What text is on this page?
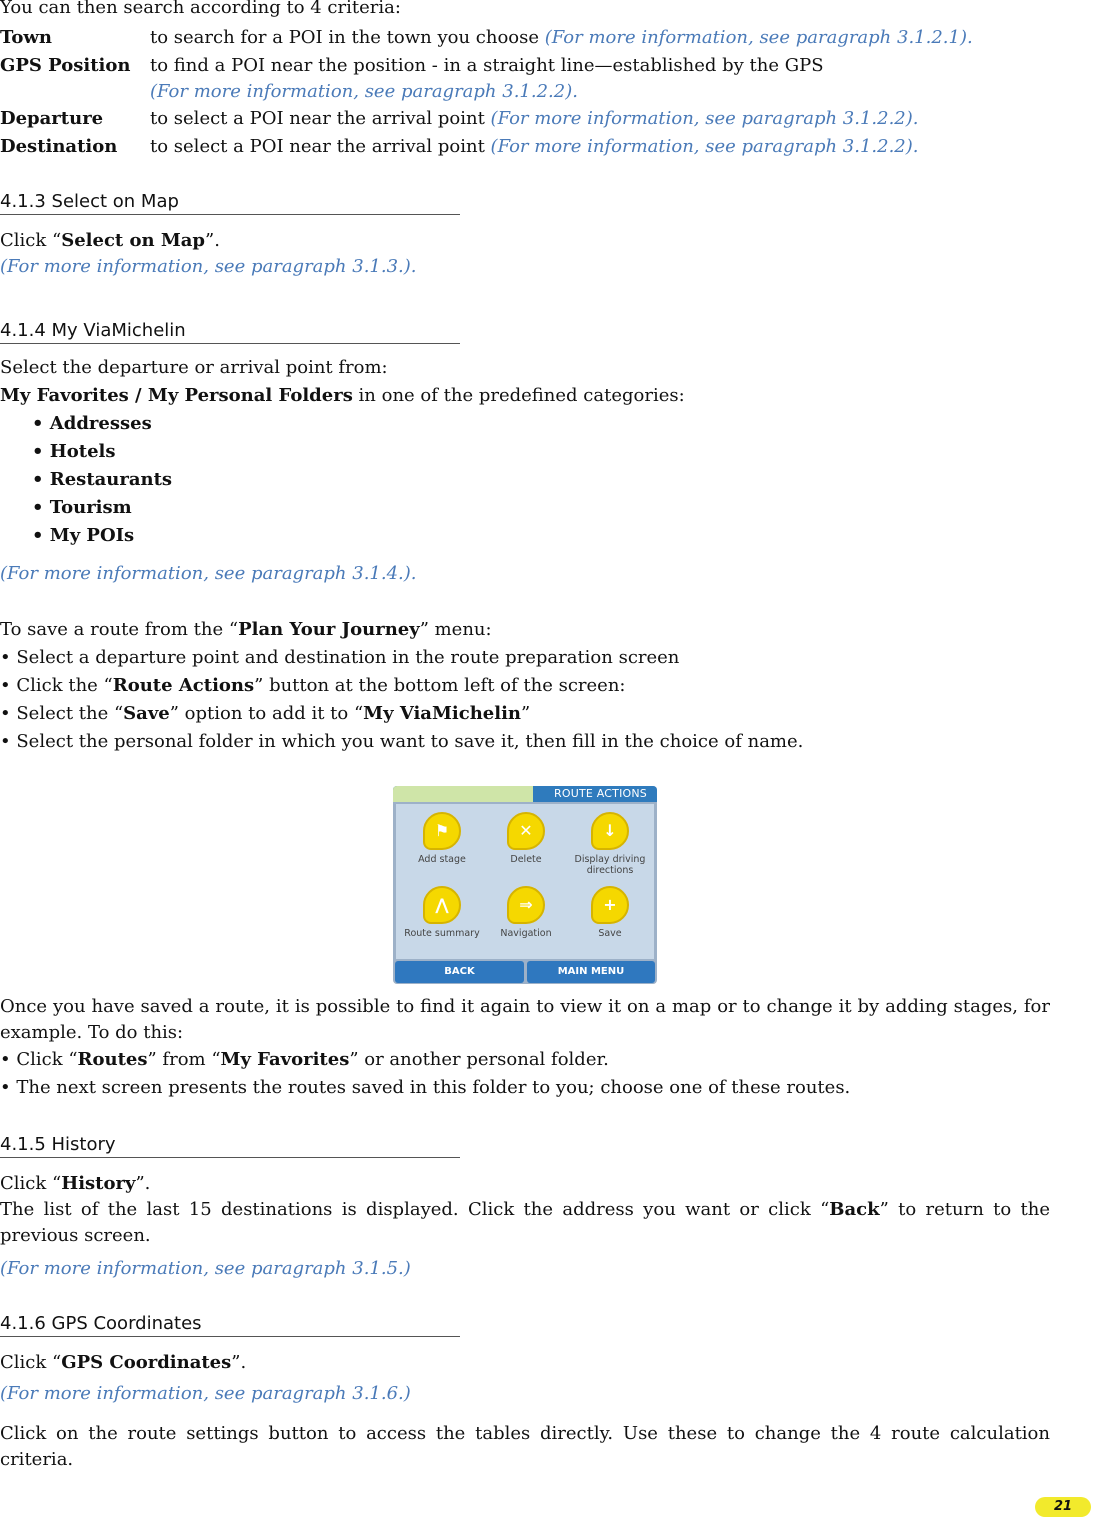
You can then search according to 4 criteria:

Town	to search for a POI in the town you choose (For more information, see paragraph 3.1.2.1).
GPS Position to find a POI near the position - in a straight line—established by the GPS
(For more information, see paragraph 3.1.2.2).
Departure	to select a POI near the arrival point (For more information, see paragraph 3.1.2.2).
Destination to select a POI near the arrival point (For more information, see paragraph 3.1.2.2).
4.1.3 Select on Map

Click “Select on Map”.

(For more information, see paragraph 3.1.3.).

4.1.4 My ViaMichelin

Select the departure or arrival point from:

My Favorites / My Personal Folders in one of the predefined categories:

• Addresses
• Hotels
• Restaurants
• Tourism
• My POIs

(For more information, see paragraph 3.1.4.).

To save a route from the “Plan Your Journey” menu:

• Select a departure point and destination in the route preparation screen

• Click the “Route Actions” button at the bottom left of the screen:

• Select the “Save” option to add it to “My ViaMichelin”

• Select the personal folder in which you want to save it, then fill in the choice of name.

ROUTE ACTIONS
⚑
Add stage
✕
Delete
↓
Display driving directions
⋀
Route summary
⇒
Navigation
+
Save
BACK	MAIN MENU
Once you have saved a route, it is possible to find it again to view it on a map or to change it by adding stages, for example. To do this:

• Click “Routes” from “My Favorites” or another personal folder.

• The next screen presents the routes saved in this folder to you; choose one of these routes.

4.1.5 History

Click “History”.

The list of the last 15 destinations is displayed. Click the address you want or click “Back” to return to the previous screen.

(For more information, see paragraph 3.1.5.)

4.1.6 GPS Coordinates

Click “GPS Coordinates”.

(For more information, see paragraph 3.1.6.)

Click on the route settings button to access the tables directly. Use these to change the 4 route calculation criteria.
21
